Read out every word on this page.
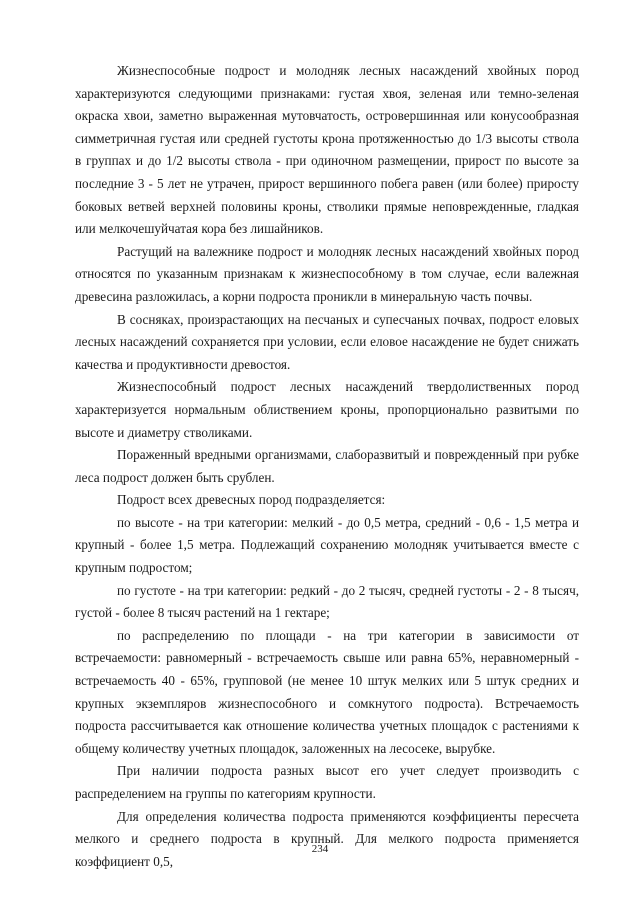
Жизнеспособные подрост и молодняк лесных насаждений хвойных пород характеризуются следующими признаками: густая хвоя, зеленая или темно-зеленая окраска хвои, заметно выраженная мутовчатость, островершинная или конусообразная симметричная густая или средней густоты крона протяженностью до 1/3 высоты ствола в группах и до 1/2 высоты ствола - при одиночном размещении, прирост по высоте за последние 3 - 5 лет не утрачен, прирост вершинного побега равен (или более) приросту боковых ветвей верхней половины кроны, стволики прямые неповрежденные, гладкая или мелкочешуйчатая кора без лишайников.

Растущий на валежнике подрост и молодняк лесных насаждений хвойных пород относятся по указанным признакам к жизнеспособному в том случае, если валежная древесина разложилась, а корни подроста проникли в минеральную часть почвы.

В сосняках, произрастающих на песчаных и супесчаных почвах, подрост еловых лесных насаждений сохраняется при условии, если еловое насаждение не будет снижать качества и продуктивности древостоя.

Жизнеспособный подрост лесных насаждений твердолиственных пород характеризуется нормальным облиствением кроны, пропорционально развитыми по высоте и диаметру стволиками.

Пораженный вредными организмами, слаборазвитый и поврежденный при рубке леса подрост должен быть срублен.

Подрост всех древесных пород подразделяется:

по высоте - на три категории: мелкий - до 0,5 метра, средний - 0,6 - 1,5 метра и крупный - более 1,5 метра. Подлежащий сохранению молодняк учитывается вместе с крупным подростом;

по густоте - на три категории: редкий - до 2 тысяч, средней густоты - 2 - 8 тысяч, густой - более 8 тысяч растений на 1 гектаре;

по распределению по площади - на три категории в зависимости от встречаемости: равномерный - встречаемость свыше или равна 65%, неравномерный - встречаемость 40 - 65%, групповой (не менее 10 штук мелких или 5 штук средних и крупных экземпляров жизнеспособного и сомкнутого подроста). Встречаемость подроста рассчитывается как отношение количества учетных площадок с растениями к общему количеству учетных площадок, заложенных на лесосеке, вырубке.

При наличии подроста разных высот его учет следует производить с распределением на группы по категориям крупности.

Для определения количества подроста применяются коэффициенты пересчета мелкого и среднего подроста в крупный. Для мелкого подроста применяется коэффициент 0,5,

234
